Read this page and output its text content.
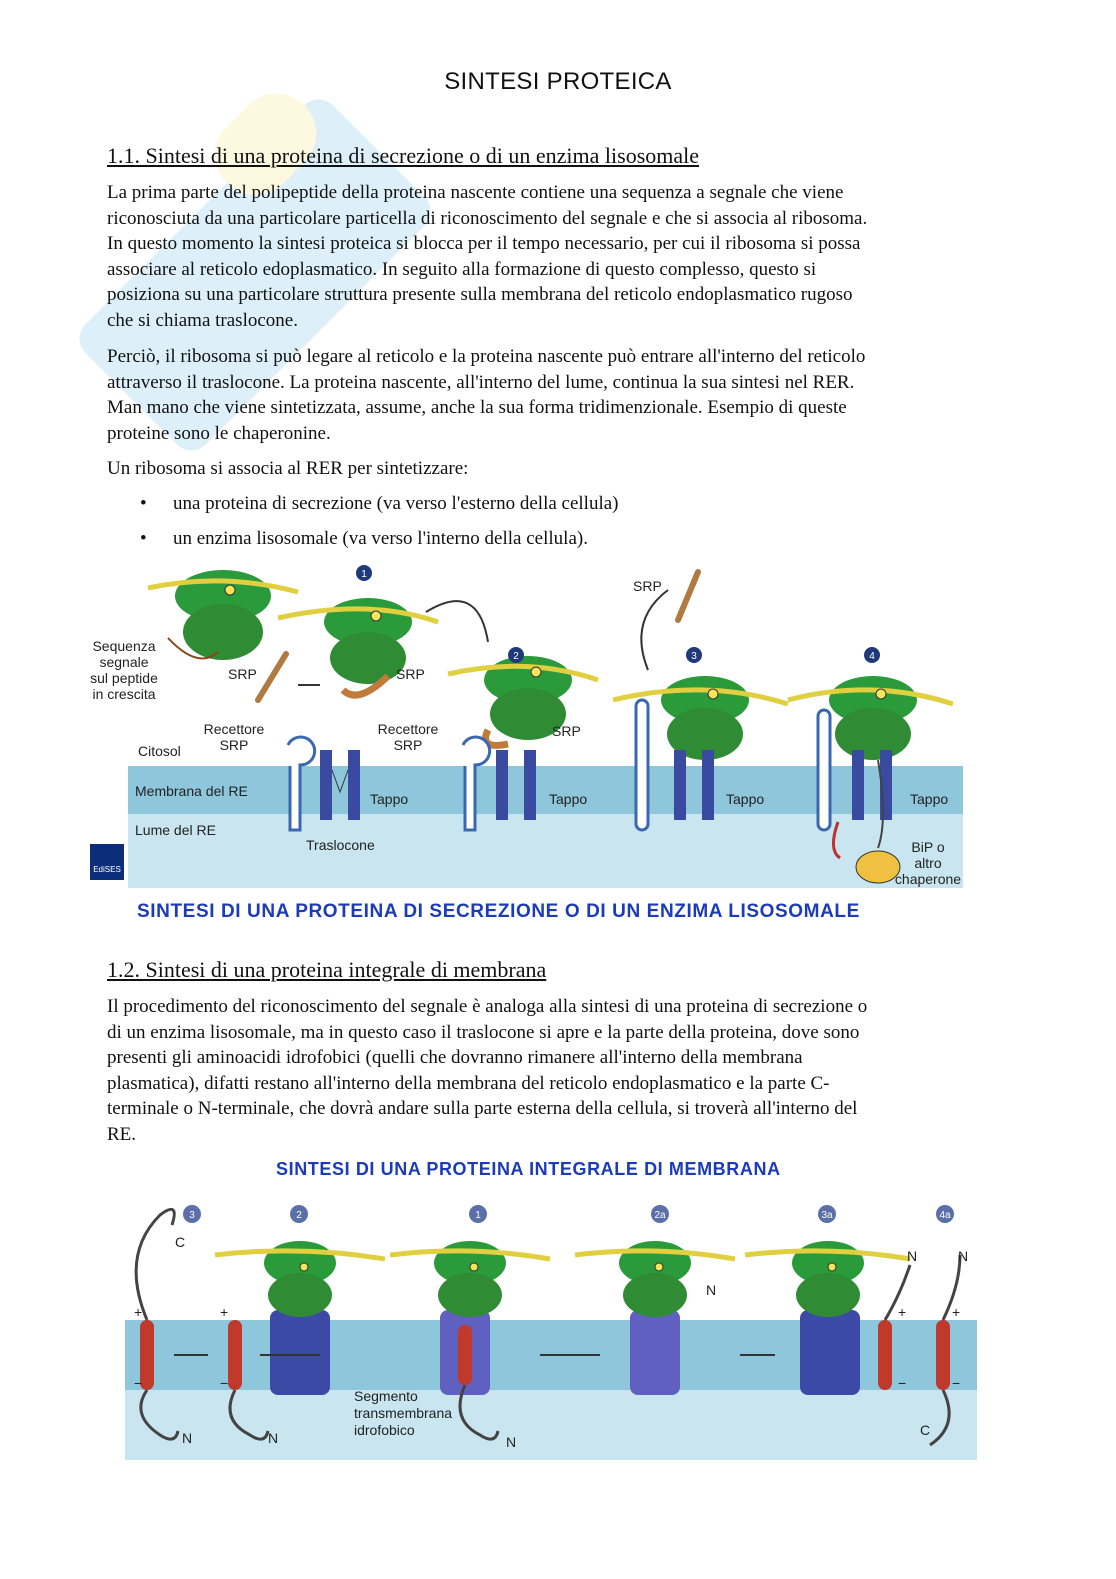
SINTESI PROTEICA
1.1. Sintesi di una proteina di secrezione o di un enzima lisosomale
La prima parte del polipeptide della proteina nascente contiene una sequenza a segnale che viene
riconosciuta da una particolare particella di riconoscimento del segnale e che si associa al ribosoma.
In questo momento la sintesi proteica si blocca per il tempo necessario, per cui il ribosoma si possa
associare al reticolo edoplasmatico. In seguito alla formazione di questo complesso, questo si
posiziona su una particolare struttura presente sulla membrana del reticolo endoplasmatico rugoso
che si chiama traslocone.
Perciò, il ribosoma si può legare al reticolo e la proteina nascente può entrare all'interno del reticolo
attraverso il traslocone. La proteina nascente, all'interno del lume, continua la sua sintesi nel RER.
Man mano che viene sintetizzata, assume, anche la sua forma tridimenzionale. Esempio di queste
proteine sono le chaperonine.
Un ribosoma si associa al RER per sintetizzare:
• una proteina di secrezione (va verso l'esterno della cellula)
• un enzima lisosomale (va verso l'interno della cellula).
EdiSES
1
2	3	4
Sequenza
segnale
sul peptide
in crescita
SRP	SRP
SRP
SRP
Recettore
SRP
Recettore
SRP
Citosol
Membrana del RE
Lume del RE
Tappo	Tappo	Tappo	Tappo
Traslocone	BiP o
altro
chaperone
SINTESI DI UNA PROTEINA DI SECREZIONE O DI UN ENZIMA LISOSOMALE
1.2. Sintesi di una proteina integrale di membrana
Il procedimento del riconoscimento del segnale è analoga alla sintesi di una proteina di secrezione o
di un enzima lisosomale, ma in questo caso il traslocone si apre e la parte della proteina, dove sono
presenti gli aminoacidi idrofobici (quelli che dovranno rimanere all'interno della membrana
plasmatica), difatti restano all'interno della membrana del reticolo endoplasmatico e la parte C-
terminale o N-terminale, che dovrà andare sulla parte esterna della cellula, si troverà all'interno del
RE.
SINTESI DI UNA PROTEINA INTEGRALE DI MEMBRANA
3	2	1	2a	3a	4a
C
N	N	N
N
N	N
C
+
−
+
−
+
−
+
−
Segmento
transmembrana
idrofobico
